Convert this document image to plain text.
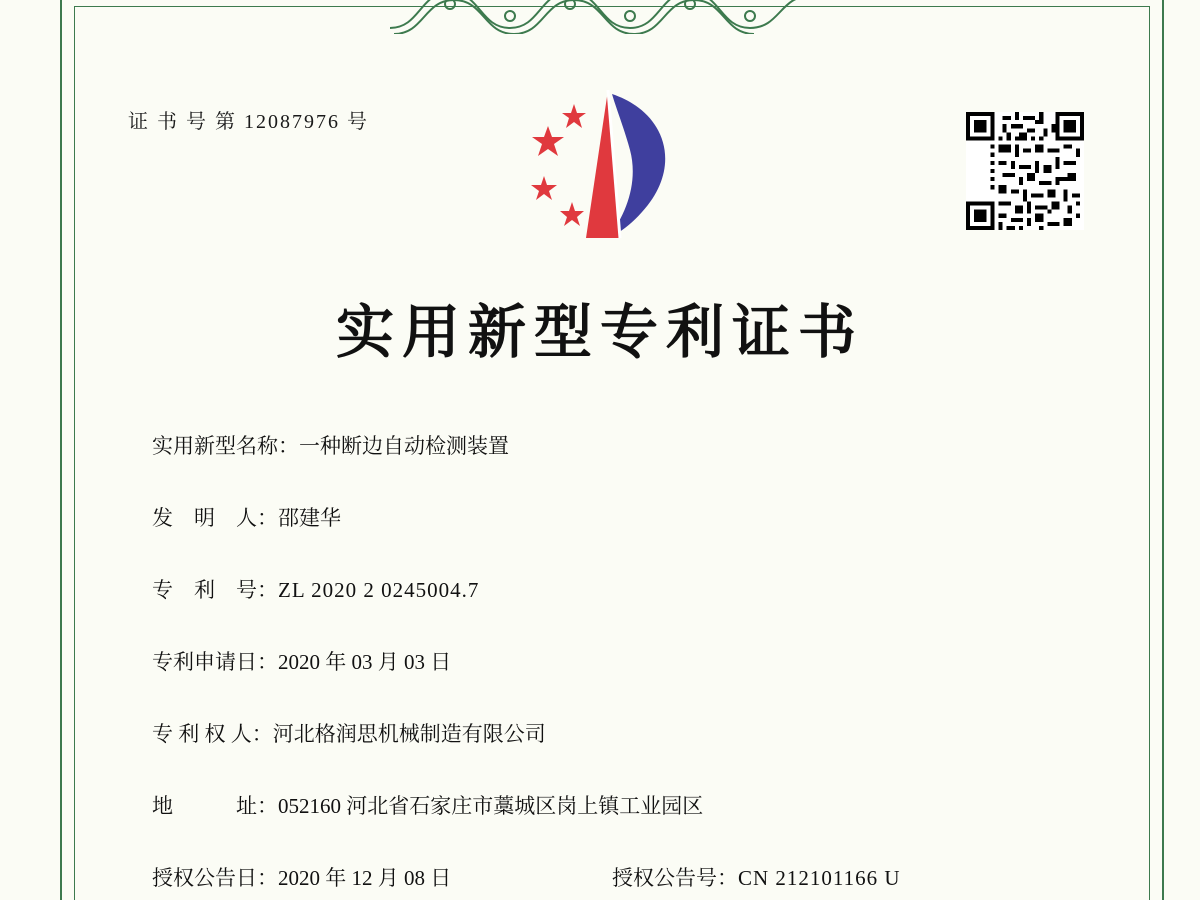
证 书 号 第 12087976 号
实用新型专利证书
实用新型名称：一种断边自动检测装置
发　明　人：邵建华
专　利　号：ZL 2020 2 0245004.7
专利申请日：2020 年 03 月 03 日
专 利 权 人：河北格润思机械制造有限公司
地　　　址：052160 河北省石家庄市藁城区岗上镇工业园区
授权公告日：2020 年 12 月 08 日	授权公告号：CN 212101166 U
